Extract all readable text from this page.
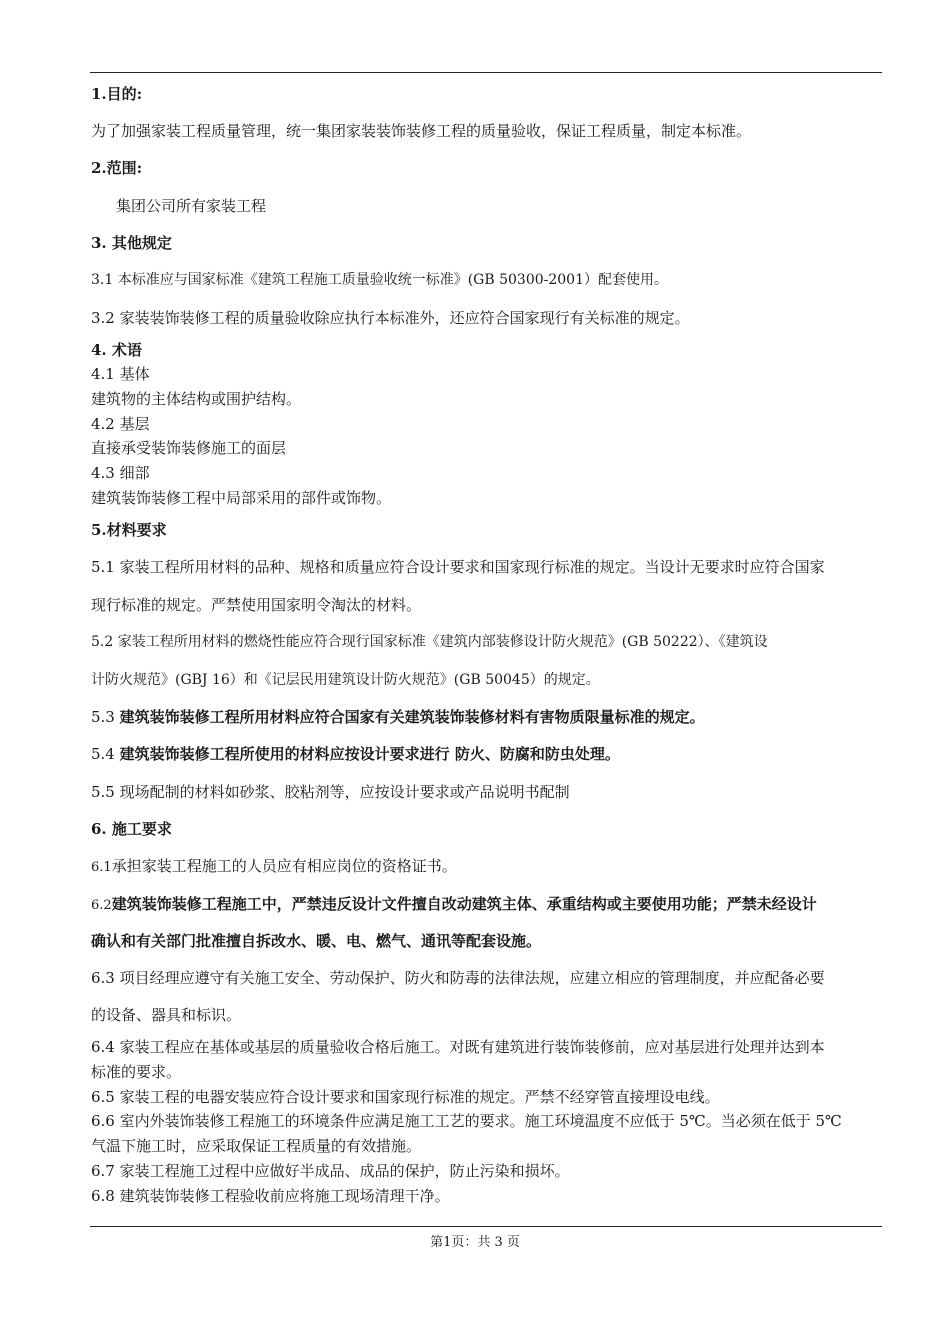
1.目的:
为了加强家装工程质量管理，统一集团家装装饰装修工程的质量验收，保证工程质量，制定本标准。
2.范围:
集团公司所有家装工程
3. 其他规定
3.1 本标准应与国家标准《建筑工程施工质量验收统一标准》(GB 50300-2001）配套使用。
3.2 家装装饰装修工程的质量验收除应执行本标准外，还应符合国家现行有关标准的规定。
4. 术语
4.1 基体
建筑物的主体结构或围护结构。
4.2 基层
直接承受装饰装修施工的面层
4.3 细部
建筑装饰装修工程中局部采用的部件或饰物。
5.材料要求
5.1 家装工程所用材料的品种、规格和质量应符合设计要求和国家现行标准的规定。当设计无要求时应符合国家
现行标准的规定。严禁使用国家明令淘汰的材料。
5.2 家装工程所用材料的燃烧性能应符合现行国家标准《建筑内部装修设计防火规范》(GB 50222）、《建筑设
计防火规范》(GBJ 16）和《记层民用建筑设计防火规范》(GB 50045）的规定。
5.3 建筑装饰装修工程所用材料应符合国家有关建筑装饰装修材料有害物质限量标准的规定。
5.4 建筑装饰装修工程所使用的材料应按设计要求进行 防火、防腐和防虫处理。
5.5 现场配制的材料如砂浆、胶粘剂等，应按设计要求或产品说明书配制
6. 施工要求
6.1承担家装工程施工的人员应有相应岗位的资格证书。
6.2建筑装饰装修工程施工中，严禁违反设计文件擅自改动建筑主体、承重结构或主要使用功能；严禁未经设计
确认和有关部门批准擅自拆改水、暖、电、燃气、通讯等配套设施。
6.3 项目经理应遵守有关施工安全、劳动保护、防火和防毒的法律法规，应建立相应的管理制度，并应配备必要
的设备、器具和标识。
6.4 家装工程应在基体或基层的质量验收合格后施工。对既有建筑进行装饰装修前，应对基层进行处理并达到本
标准的要求。
6.5 家装工程的电器安装应符合设计要求和国家现行标准的规定。严禁不经穿管直接埋设电线。
6.6 室内外装饰装修工程施工的环境条件应满足施工工艺的要求。施工环境温度不应低于 5℃。当必须在低于 5℃
气温下施工时，应采取保证工程质量的有效措施。
6.7 家装工程施工过程中应做好半成品、成品的保护，防止污染和损坏。
6.8 建筑装饰装修工程验收前应将施工现场清理干净。
第1页：共 3 页
